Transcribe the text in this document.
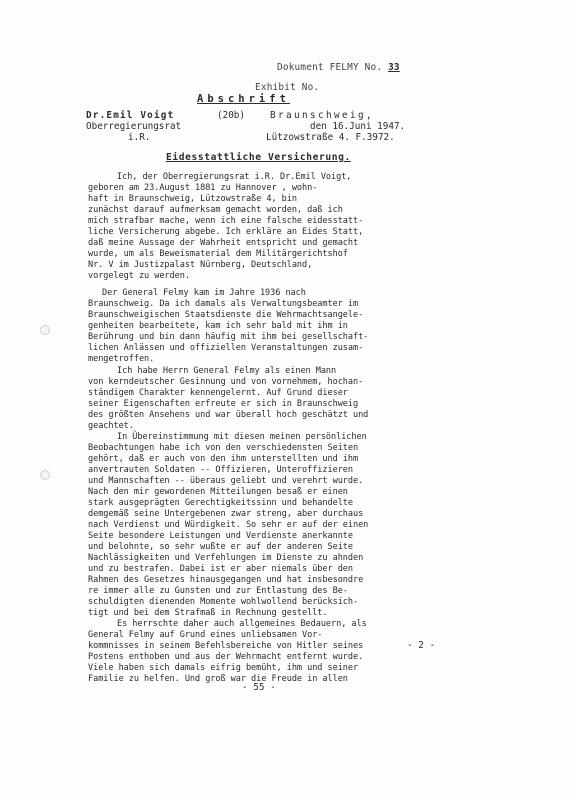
Dokument FELMY No. 33
Exhibit No.
Abschrift
Dr.Emil Voigt	(20b)	Braunschweig,
Oberregierungsrat	den 16.Juni 1947.
i.R.	Lützowstraße 4. F.3972.
Eidesstattliche Versicherung.
Ich, der Oberregierungsrat i.R. Dr.Emil Voigt,
geboren am 23.August 1881 zu Hannover , wohn-
haft in Braunschweig, Lützowstraße 4, bin
zunächst darauf aufmerksam gemacht worden, daß ich
mich strafbar mache, wenn ich eine falsche eidesstatt-
liche Versicherung abgebe. Ich erkläre an Eides Statt,
daß meine Aussage der Wahrheit entspricht und gemacht
wurde, um als Beweismaterial dem Militärgerichtshof
Nr. V im Justizpalast Nürnberg, Deutschland,
vorgelegt zu werden.
Der General Felmy kam im Jahre 1936 nach
Braunschweig. Da ich damals als Verwaltungsbeamter im
Braunschweigischen Staatsdienste die Wehrmachtsangele-
genheiten bearbeitete, kam ich sehr bald mit ihm in
Berührung und bin dann häufig mit ihm bei gesellschaft-
lichen Anlässen und offiziellen Veranstaltungen zusam-
mengetroffen.
Ich habe Herrn General Felmy als einen Mann
von kerndeutscher Gesinnung und von vornehmem, hochan-
ständigem Charakter kennengelernt. Auf Grund dieser
seiner Eigenschaften erfreute er sich in Braunschweig
des größten Ansehens und war überall hoch geschätzt und
geachtet.
In Übereinstimmung mit diesen meinen persönlichen
Beobachtungen habe ich von den verschiedensten Seiten
gehört, daß er auch von den ihm unterstellten und ihm
anvertrauten Soldaten -- Offizieren, Unteroffizieren
und Mannschaften -- überaus geliebt und verehrt wurde.
Nach den mir gewordenen Mitteilungen besaß er einen
stark ausgeprägten Gerechtigkeitssinn und behandelte
demgemäß seine Untergebenen zwar streng, aber durchaus
nach Verdienst und Würdigkeit. So sehr er auf der einen
Seite besondere Leistungen und Verdienste anerkannte
und belohnte, so sehr wußte er auf der anderen Seite
Nachlässigkeiten und Verfehlungen im Dienste zu ahnden
und zu bestrafen. Dabei ist er aber niemals über den
Rahmen des Gesetzes hinausgegangen und hat insbesondre
re immer alle zu Gunsten und zur Entlastung des Be-
schuldigten dienenden Momente wohlwollend berücksich-
tigt und bei dem Strafmaß in Rechnung gestellt.
Es herrschte daher auch allgemeines Bedauern, als
General Felmy auf Grund eines unliebsamen Vor-
kommnisses in seinem Befehlsbereiche von Hitler seines
Postens enthoben und aus der Wehrmacht entfernt wurde.
Viele haben sich damals eifrig bemüht, ihm und seiner
Familie zu helfen. Und groß war die Freude in allen
- 2 -
- 55 -
